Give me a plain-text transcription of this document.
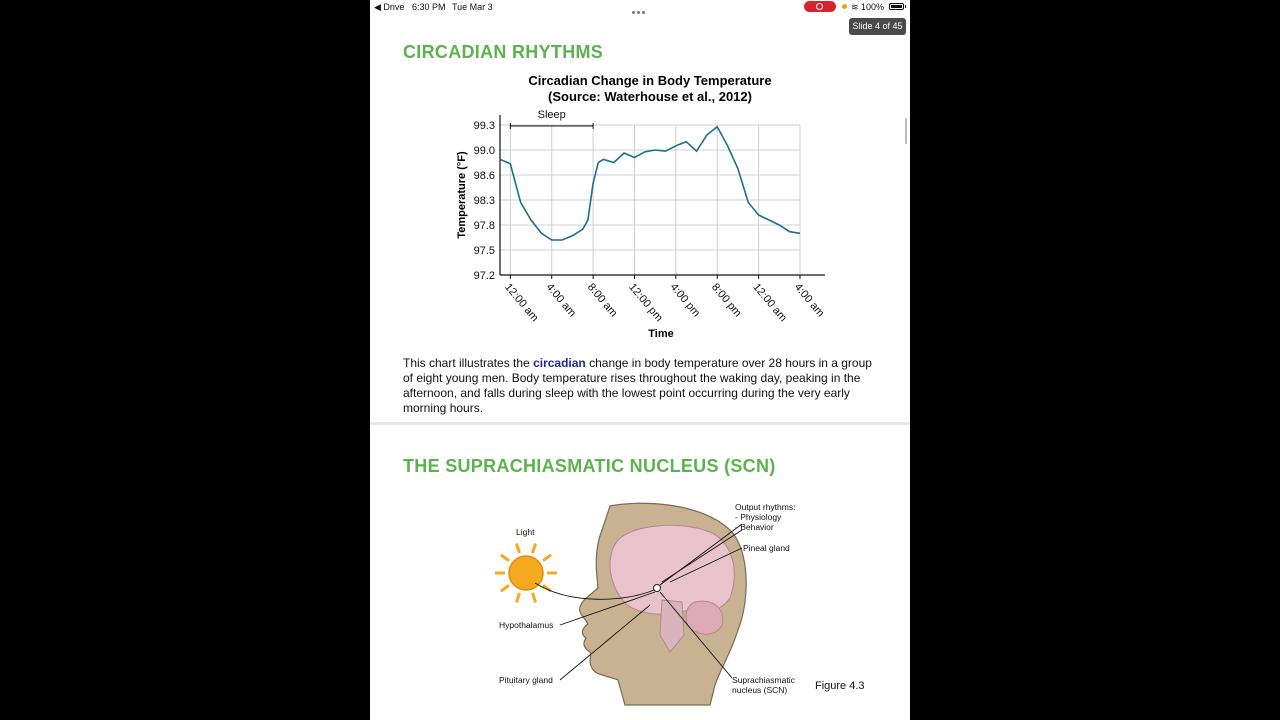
◀ Drive 6:30 PM Tue Mar 3	≋ 100%
Slide 4 of 45
CIRCADIAN RHYTHMS
Circadian Change in Body Temperature
(Source: Waterhouse et al., 2012)
99.3
99.0
98.6
98.3
97.8
97.5
97.2
12:00 am 4:00 am 8:00 am 12:00 pm 4:00 pm 8:00 pm 12:00 am 4:00 am
Sleep
Temperature (°F)
Time

This chart illustrates the circadian change in body temperature over 28 hours in a group of eight young men. Body temperature rises throughout the waking day, peaking in the afternoon, and falls during sleep with the lowest point occurring during the very early morning hours.

THE SUPRACHIASMATIC NUCLEUS (SCN)
Light
Output rhythms:
- Physiology
- Behavior
Pineal gland
Hypothalamus
Pituitary gland	Suprachiasmatic
nucleus (SCN)	Figure 4.3
